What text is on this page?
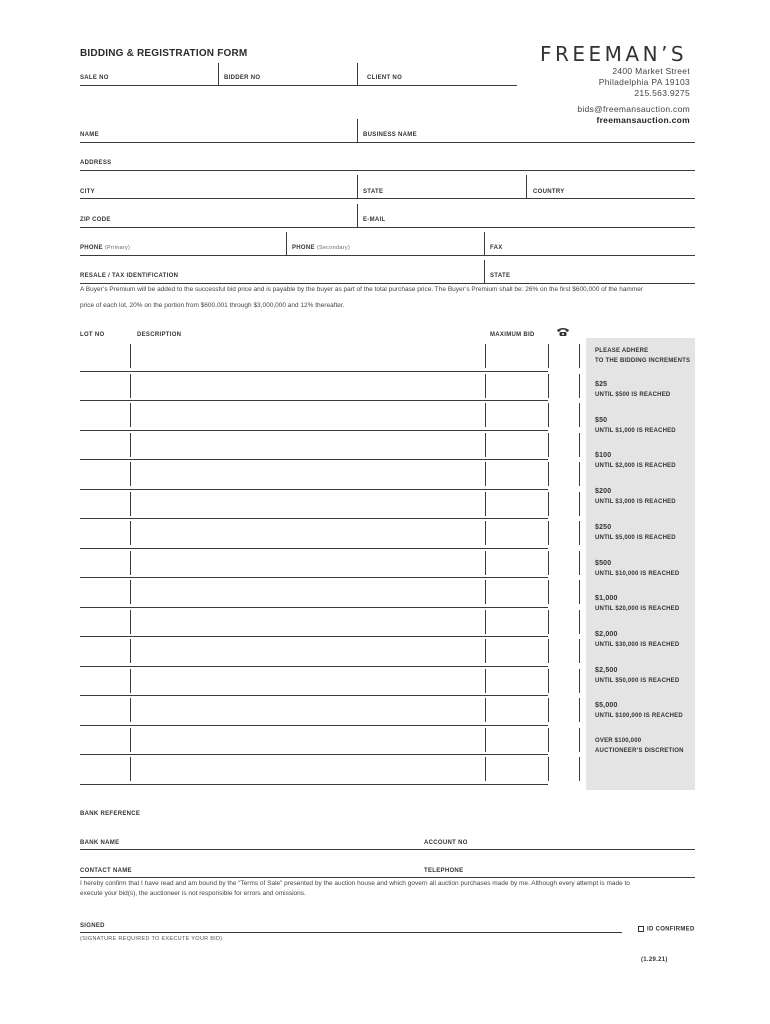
BIDDING & REGISTRATION FORM	FREEMAN’S
2400 Market Street
Philadelphia PA 19103
215.563.9275
bids@freemansauction.com
freemansauction.com
SALE NO	BIDDER NO	CLIENT NO
NAME	BUSINESS NAME
ADDRESS
CITY	STATE	COUNTRY
ZIP CODE	E-MAIL
PHONE (Primary)	PHONE (Secondary)	FAX
RESALE / TAX IDENTIFICATION	STATE
A Buyer’s Premium will be added to the successful bid price and is payable by the buyer as part of the total purchase price. The Buyer’s Premium shall be: 26% on the first $600,000 of the hammer
price of each lot, 20% on the portion from $600,001 through $3,000,000 and 12% thereafter.
LOT NO	DESCRIPTION	MAXIMUM BID
PLEASE ADHERE
TO THE BIDDING INCREMENTS
$25
UNTIL $500 IS REACHED
$50
UNTIL $1,000 IS REACHED
$100
UNTIL $2,000 IS REACHED
$200
UNTIL $3,000 IS REACHED
$250
UNTIL $5,000 IS REACHED
$500
UNTIL $10,000 IS REACHED
$1,000
UNTIL $20,000 IS REACHED
$2,000
UNTIL $30,000 IS REACHED
$2,500
UNTIL $50,000 IS REACHED
$5,000
UNTIL $100,000 IS REACHED
OVER $100,000
AUCTIONEER’S DISCRETION
BANK REFERENCE
BANK NAME	ACCOUNT NO
CONTACT NAME	TELEPHONE
I hereby confirm that I have read and am bound by the “Terms of Sale” presented by the auction house and which govern all auction purchases made by me. Although every attempt is made to
execute your bid(s), the auctioneer is not responsible for errors and omissions.
SIGNED
(SIGNATURE REQUIRED TO EXECUTE YOUR BID)
ID CONFIRMED
(1.29.21)
